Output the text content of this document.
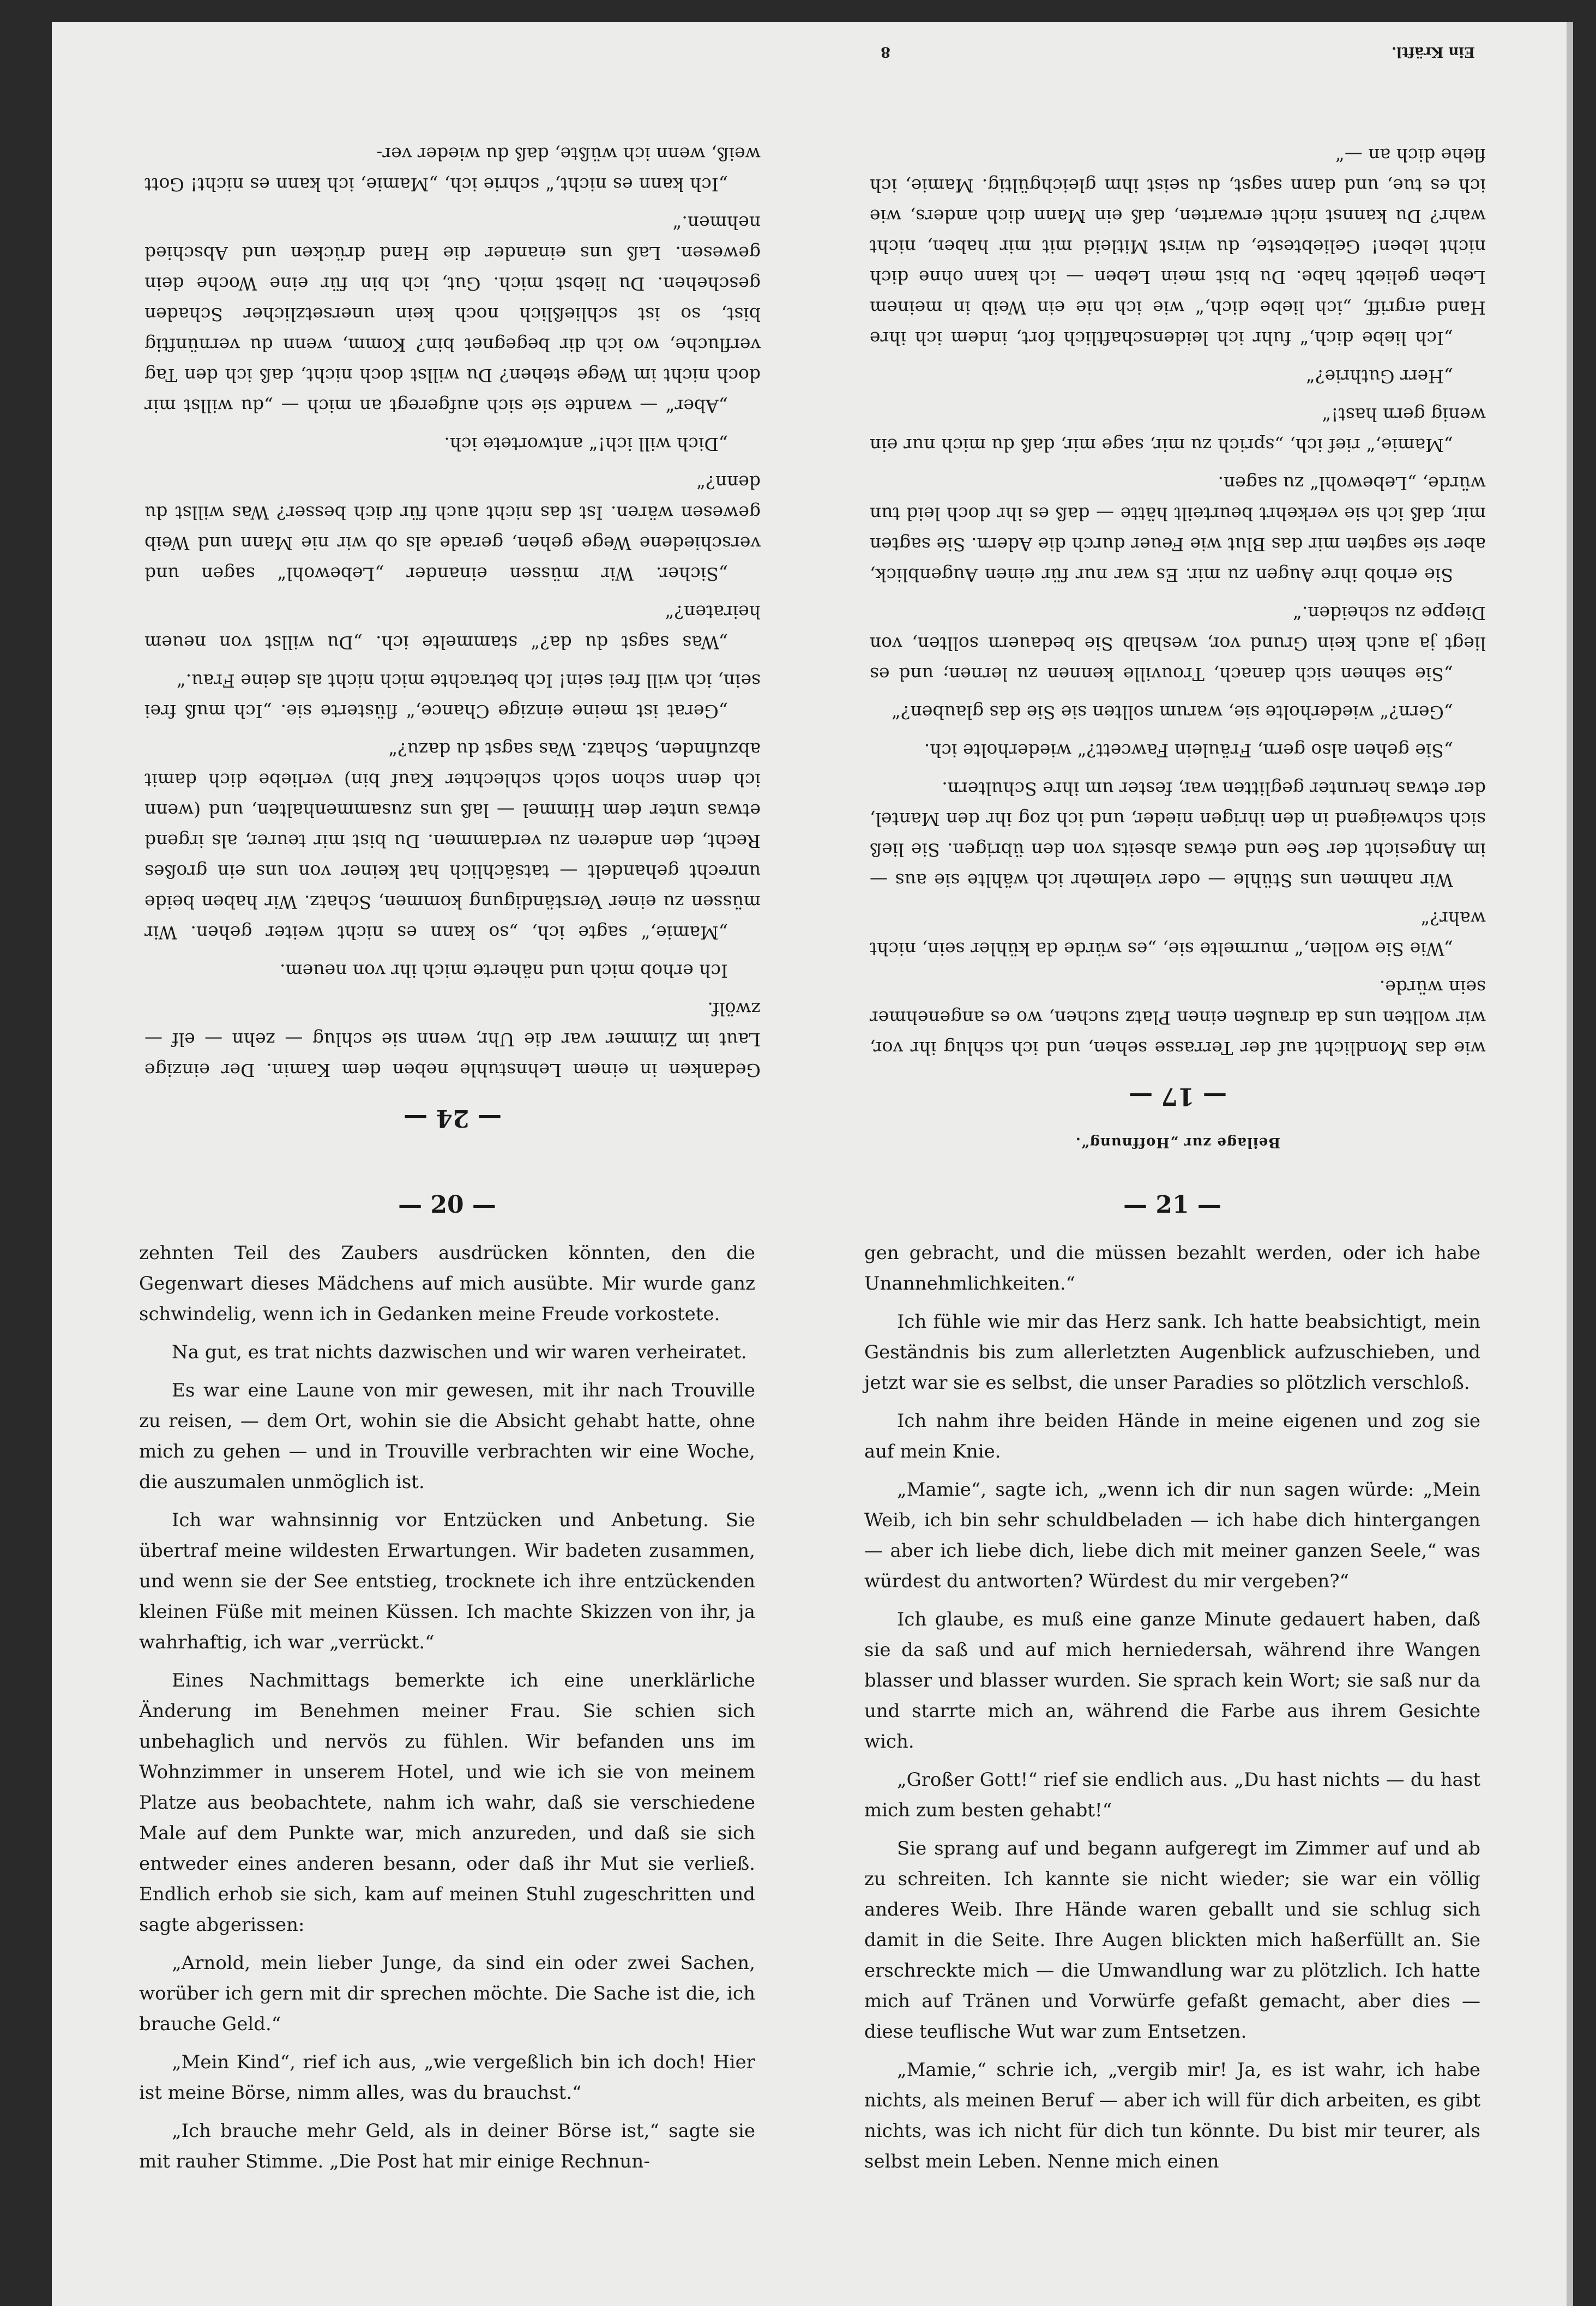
Beilage zur „Hoffnung“.
— 17 —

wie das Mondlicht auf der Terrasse sehen, und ich schlug ihr vor, wir wollten uns da draußen einen Platz suchen, wo es angenehmer sein würde.

„Wie Sie wollen,“ murmelte sie, „es würde da kühler sein, nicht wahr?“

Wir nahmen uns Stühle — oder vielmehr ich wählte sie aus — im Angesicht der See und etwas abseits von den übrigen. Sie ließ sich schweigend in den ihrigen nieder, und ich zog ihr den Mantel, der etwas herunter geglitten war, fester um ihre Schultern.

„Sie gehen also gern, Fräulein Fawcett?“ wiederholte ich.

„Gern?“ wiederholte sie, warum sollten sie Sie das glauben?“

„Sie sehnen sich danach, Trouville kennen zu lernen; und es liegt ja auch kein Grund vor, weshalb Sie bedauern sollten, von Dieppe zu scheiden.“

Sie erhob ihre Augen zu mir. Es war nur für einen Augenblick, aber sie sagten mir das Blut wie Feuer durch die Adern. Sie sagten mir, daß ich sie verkehrt beurteilt hätte — daß es ihr doch leid tun würde, „Lebewohl“ zu sagen.

„Mamie,“ rief ich, „sprich zu mir, sage mir, daß du mich nur ein wenig gern hast!“

„Herr Guthrie?“

„Ich liebe dich,“ fuhr ich leidenschaftlich fort, indem ich ihre Hand ergriff, „ich liebe dich,“ wie ich nie ein Weib in meinem Leben geliebt habe. Du bist mein Leben — ich kann ohne dich nicht leben! Geliebteste, du wirst Mitleid mit mir haben, nicht wahr? Du kannst nicht erwarten, daß ein Mann dich anders, wie ich es tue, und dann sagst, du seist ihm gleichgültig. Mamie, ich flehe dich an —“

Ein Kräftl.
8
— 24 —

Gedanken in einem Lehnstuhle neben dem Kamin. Der einzige Laut im Zimmer war die Uhr, wenn sie schlug — zehn — elf — zwölf.

Ich erhob mich und näherte mich ihr von neuem.

„Mamie,“ sagte ich, „so kann es nicht weiter gehen. Wir müssen zu einer Verständigung kommen, Schatz. Wir haben beide unrecht gehandelt — tatsächlich hat keiner von uns ein großes Recht, den anderen zu verdammen. Du bist mir teurer, als irgend etwas unter dem Himmel — laß uns zusammenhalten, und (wenn ich denn schon solch schlechter Kauf bin) verliebe dich damit abzufinden, Schatz. Was sagst du dazu?“

„Gerat ist meine einzige Chance,“ flüsterte sie. „Ich muß frei sein, ich will frei sein! Ich betrachte mich nicht als deine Frau.“

„Was sagst du da?“ stammelte ich. „Du willst von neuem heiraten?“

„Sicher. Wir müssen einander „Lebewohl“ sagen und verschiedene Wege gehen, gerade als ob wir nie Mann und Weib gewesen wären. Ist das nicht auch für dich besser? Was willst du denn?“

„Dich will ich!“ antwortete ich.

„Aber“ — wandte sie sich aufgeregt an mich — „du willst mir doch nicht im Wege stehen? Du willst doch nicht, daß ich den Tag verfluche, wo ich dir begegnet bin? Komm, wenn du vernünftig bist, so ist schließlich noch kein unersetzlicher Schaden geschehen. Du liebst mich. Gut, ich bin für eine Woche dein gewesen. Laß uns einander die Hand drücken und Abschied nehmen.“

„Ich kann es nicht,“ schrie ich, „Mamie, ich kann es nicht! Gott weiß, wenn ich wüßte, daß du wieder ver-

— 20 —

zehnten Teil des Zaubers ausdrücken könnten, den die Gegenwart dieses Mädchens auf mich ausübte. Mir wurde ganz schwindelig, wenn ich in Gedanken meine Freude vorkostete.

Na gut, es trat nichts dazwischen und wir waren verheiratet.

Es war eine Laune von mir gewesen, mit ihr nach Trouville zu reisen, — dem Ort, wohin sie die Absicht gehabt hatte, ohne mich zu gehen — und in Trouville verbrachten wir eine Woche, die auszumalen unmöglich ist.

Ich war wahnsinnig vor Entzücken und Anbetung. Sie übertraf meine wildesten Erwartungen. Wir badeten zusammen, und wenn sie der See entstieg, trocknete ich ihre entzückenden kleinen Füße mit meinen Küssen. Ich machte Skizzen von ihr, ja wahrhaftig, ich war „verrückt.“

Eines Nachmittags bemerkte ich eine unerklärliche Änderung im Benehmen meiner Frau. Sie schien sich unbehaglich und nervös zu fühlen. Wir befanden uns im Wohnzimmer in unserem Hotel, und wie ich sie von meinem Platze aus beobachtete, nahm ich wahr, daß sie verschiedene Male auf dem Punkte war, mich anzureden, und daß sie sich entweder eines anderen besann, oder daß ihr Mut sie verließ. Endlich erhob sie sich, kam auf meinen Stuhl zugeschritten und sagte abgerissen:

„Arnold, mein lieber Junge, da sind ein oder zwei Sachen, worüber ich gern mit dir sprechen möchte. Die Sache ist die, ich brauche Geld.“

„Mein Kind“, rief ich aus, „wie vergeßlich bin ich doch! Hier ist meine Börse, nimm alles, was du brauchst.“

„Ich brauche mehr Geld, als in deiner Börse ist,“ sagte sie mit rauher Stimme. „Die Post hat mir einige Rechnun-

— 21 —

gen gebracht, und die müssen bezahlt werden, oder ich habe Unannehmlichkeiten.“

Ich fühle wie mir das Herz sank. Ich hatte beabsichtigt, mein Geständnis bis zum allerletzten Augenblick aufzuschieben, und jetzt war sie es selbst, die unser Paradies so plötzlich verschloß.

Ich nahm ihre beiden Hände in meine eigenen und zog sie auf mein Knie.

„Mamie“, sagte ich, „wenn ich dir nun sagen würde: „Mein Weib, ich bin sehr schuldbeladen — ich habe dich hintergangen — aber ich liebe dich, liebe dich mit meiner ganzen Seele,“ was würdest du antworten? Würdest du mir vergeben?“

Ich glaube, es muß eine ganze Minute gedauert haben, daß sie da saß und auf mich herniedersah, während ihre Wangen blasser und blasser wurden. Sie sprach kein Wort; sie saß nur da und starrte mich an, während die Farbe aus ihrem Gesichte wich.

„Großer Gott!“ rief sie endlich aus. „Du hast nichts — du hast mich zum besten gehabt!“

Sie sprang auf und begann aufgeregt im Zimmer auf und ab zu schreiten. Ich kannte sie nicht wieder; sie war ein völlig anderes Weib. Ihre Hände waren geballt und sie schlug sich damit in die Seite. Ihre Augen blickten mich haßerfüllt an. Sie erschreckte mich — die Umwandlung war zu plötzlich. Ich hatte mich auf Tränen und Vorwürfe gefaßt gemacht, aber dies — diese teuflische Wut war zum Entsetzen.

„Mamie,“ schrie ich, „vergib mir! Ja, es ist wahr, ich habe nichts, als meinen Beruf — aber ich will für dich arbeiten, es gibt nichts, was ich nicht für dich tun könnte. Du bist mir teurer, als selbst mein Leben. Nenne mich einen
